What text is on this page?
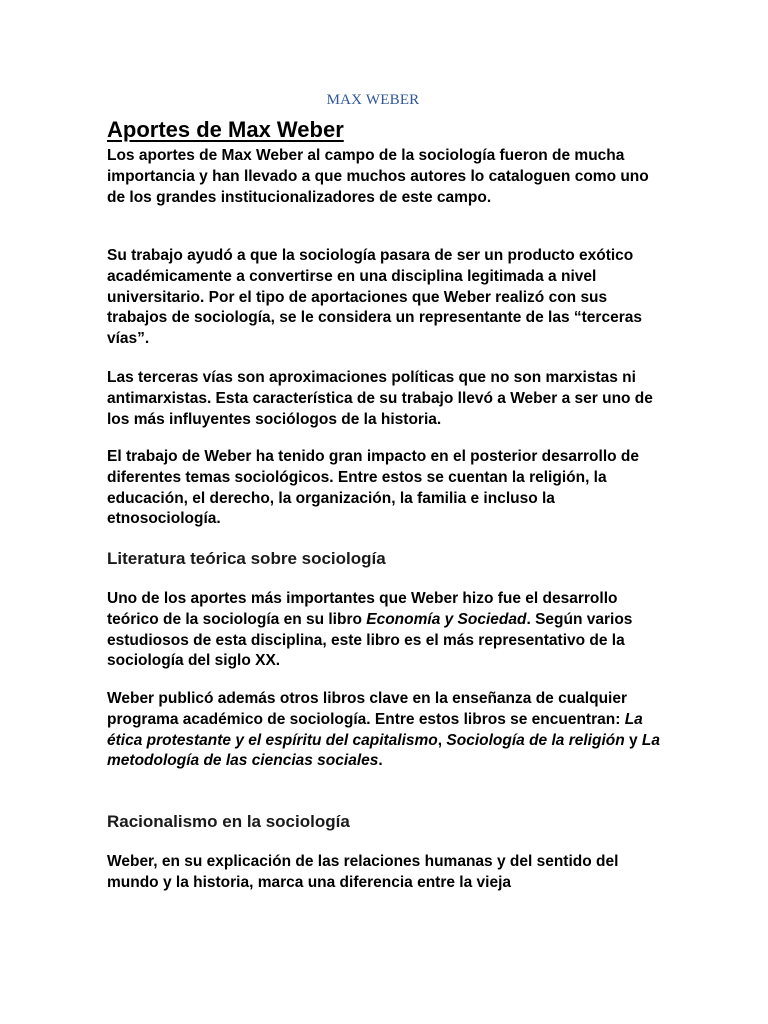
MAX WEBER
Aportes de Max Weber

Los aportes de Max Weber al campo de la sociología fueron de mucha importancia y han llevado a que muchos autores lo cataloguen como uno de los grandes institucionalizadores de este campo.

Su trabajo ayudó a que la sociología pasara de ser un producto exótico académicamente a convertirse en una disciplina legitimada a nivel universitario. Por el tipo de aportaciones que Weber realizó con sus trabajos de sociología, se le considera un representante de las “terceras vías”.

Las terceras vías son aproximaciones políticas que no son marxistas ni antimarxistas. Esta característica de su trabajo llevó a Weber a ser uno de los más influyentes sociólogos de la historia.

El trabajo de Weber ha tenido gran impacto en el posterior desarrollo de diferentes temas sociológicos. Entre estos se cuentan la religión, la educación, el derecho, la organización, la familia e incluso la etnosociología.

Literatura teórica sobre sociología

Uno de los aportes más importantes que Weber hizo fue el desarrollo teórico de la sociología en su libro Economía y Sociedad. Según varios estudiosos de esta disciplina, este libro es el más representativo de la sociología del siglo XX.

Weber publicó además otros libros clave en la enseñanza de cualquier programa académico de sociología. Entre estos libros se encuentran: La ética protestante y el espíritu del capitalismo, Sociología de la religión y La metodología de las ciencias sociales.

Racionalismo en la sociología

Weber, en su explicación de las relaciones humanas y del sentido del mundo y la historia, marca una diferencia entre la vieja
